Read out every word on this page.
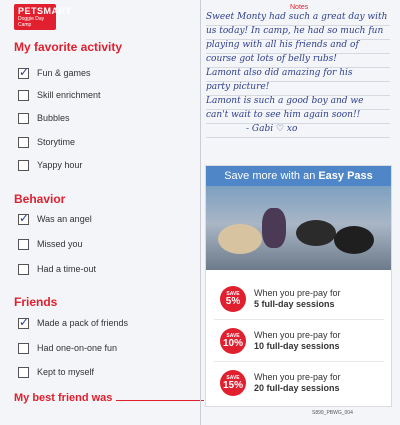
PETSMART
Doggie Day Camp
My favorite activity
✓ Fun & games
Skill enrichment
Bubbles
Storytime
Yappy hour
Behavior
✓ Was an angel
Missed you
Had a time-out
Friends
✓ Made a pack of friends
Had one-on-one fun
Kept to myself
My best friend was
Notes
Sweet Monty had such a great day with
us today! In camp, he had so much fun
playing with all his friends and of
course got lots of belly rubs!
Lamont also did amazing for his
party picture!
Lamont is such a good boy and we
can't wait to see him again soon!!
- Gabi ♡ xo
Save more with an Easy Pass
SAVE
5%
When you pre-pay for
5 full-day sessions
SAVE
10%
When you pre-pay for
10 full-day sessions
SAVE
15%
When you pre-pay for
20 full-day sessions
S899_PBWG_004
